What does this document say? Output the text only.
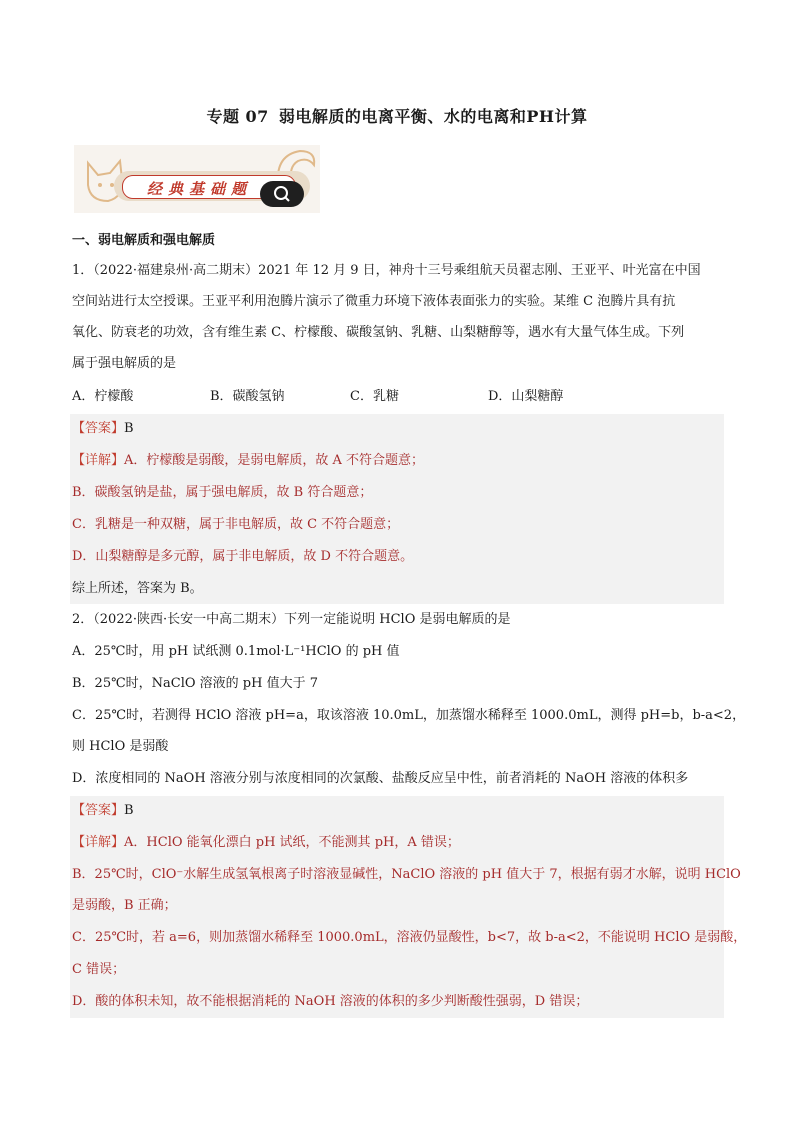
专题 07 弱电解质的电离平衡、水的电离和PH计算
经典基础题
一、弱电解质和强电解质
1．（2022·福建泉州·高二期末）2021 年 12 月 9 日，神舟十三号乘组航天员翟志刚、王亚平、叶光富在中国
空间站进行太空授课。王亚平利用泡腾片演示了微重力环境下液体表面张力的实验。某维 C 泡腾片具有抗
氧化、防衰老的功效，含有维生素 C、柠檬酸、碳酸氢钠、乳糖、山梨糖醇等，遇水有大量气体生成。下列
属于强电解质的是
A．柠檬酸	B．碳酸氢钠	C．乳糖	D．山梨糖醇
【答案】B
【详解】A．柠檬酸是弱酸，是弱电解质，故 A 不符合题意；
B．碳酸氢钠是盐，属于强电解质，故 B 符合题意；
C．乳糖是一种双糖，属于非电解质，故 C 不符合题意；
D．山梨糖醇是多元醇，属于非电解质，故 D 不符合题意。
综上所述，答案为 B。
2．（2022·陕西·长安一中高二期末）下列一定能说明 HClO 是弱电解质的是
A．25℃时，用 pH 试纸测 0.1mol·L⁻¹HClO 的 pH 值
B．25℃时，NaClO 溶液的 pH 值大于 7
C．25℃时，若测得 HClO 溶液 pH=a，取该溶液 10.0mL，加蒸馏水稀释至 1000.0mL，测得 pH=b，b-a<2，
则 HClO 是弱酸
D．浓度相同的 NaOH 溶液分别与浓度相同的次氯酸、盐酸反应呈中性，前者消耗的 NaOH 溶液的体积多
【答案】B
【详解】A．HClO 能氧化漂白 pH 试纸，不能测其 pH，A 错误；
B．25℃时，ClO⁻水解生成氢氧根离子时溶液显碱性，NaClO 溶液的 pH 值大于 7，根据有弱才水解，说明 HClO
是弱酸，B 正确；
C．25℃时，若 a=6，则加蒸馏水稀释至 1000.0mL，溶液仍显酸性，b<7，故 b-a<2，不能说明 HClO 是弱酸，
C 错误；
D．酸的体积未知，故不能根据消耗的 NaOH 溶液的体积的多少判断酸性强弱，D 错误；
